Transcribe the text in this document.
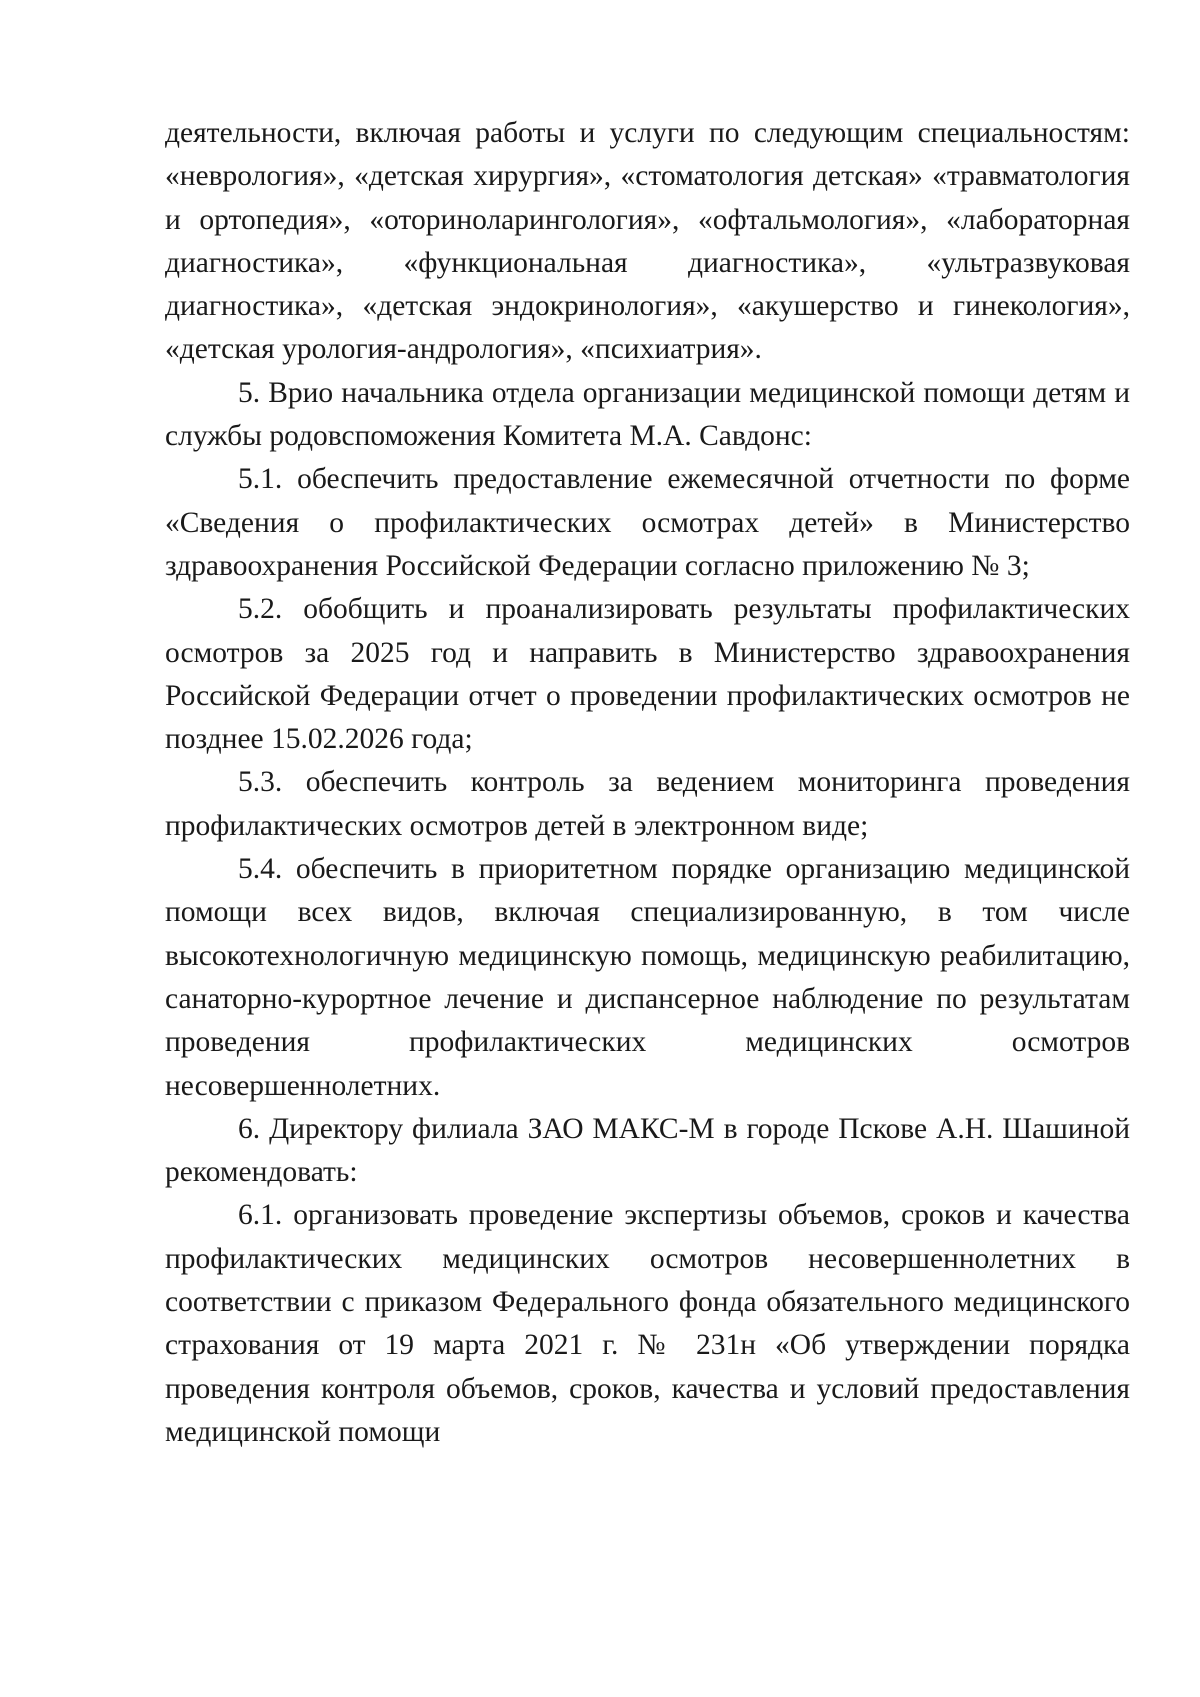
деятельности, включая работы и услуги по следующим специальностям: «неврология», «детская хирургия», «стоматология детская» «травматология и ортопедия», «оториноларингология», «офтальмология», «лабораторная диагностика», «функциональная диагностика», «ультразвуковая диагностика», «детская эндокринология», «акушерство и гинекология», «детская урология-андрология», «психиатрия».

5. Врио начальника отдела организации медицинской помощи детям и службы родовспоможения Комитета М.А. Савдонс:

5.1. обеспечить предоставление ежемесячной отчетности по форме «Сведения о профилактических осмотрах детей» в Министерство здравоохранения Российской Федерации согласно приложению № 3;

5.2. обобщить и проанализировать результаты профилактических осмотров за 2025 год и направить в Министерство здравоохранения Российской Федерации отчет о проведении профилактических осмотров не позднее 15.02.2026 года;

5.3. обеспечить контроль за ведением мониторинга проведения профилактических осмотров детей в электронном виде;

5.4. обеспечить в приоритетном порядке организацию медицинской помощи всех видов, включая специализированную, в том числе высокотехнологичную медицинскую помощь, медицинскую реабилитацию, санаторно-курортное лечение и диспансерное наблюдение по результатам проведения профилактических медицинских осмотров несовершеннолетних.

6. Директору филиала ЗАО МАКС-М в городе Пскове А.Н. Шашиной рекомендовать:

6.1. организовать проведение экспертизы объемов, сроков и качества профилактических медицинских осмотров несовершеннолетних в соответствии с приказом Федерального фонда обязательного медицинского страхования от 19 марта 2021 г. № 231н «Об утверждении порядка проведения контроля объемов, сроков, качества и условий предоставления медицинской помощи
